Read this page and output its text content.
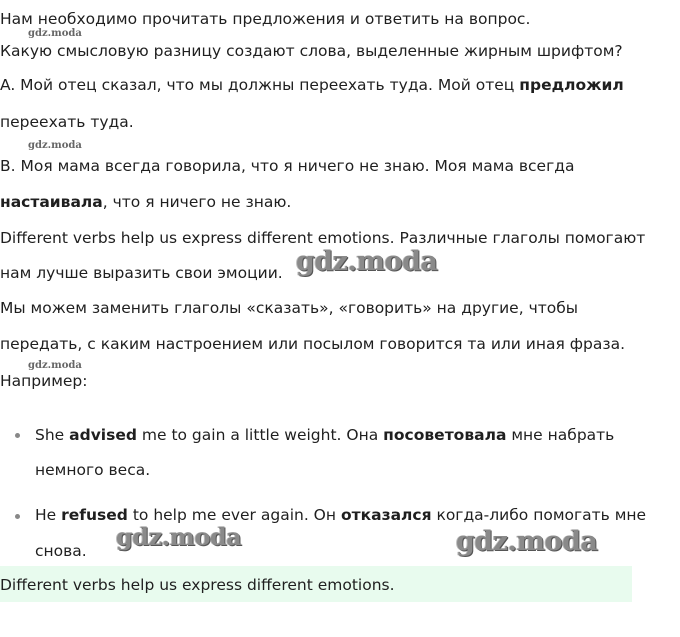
Нам необходимо прочитать предложения и ответить на вопрос.
Какую смысловую разницу создают слова, выделенные жирным шрифтом?
A. Мой отец сказал, что мы должны переехать туда. Мой отец предложил
переехать туда.
B. Моя мама всегда говорила, что я ничего не знаю. Моя мама всегда
настаивала, что я ничего не знаю.
Different verbs help us express different emotions. Различные глаголы помогают
нам лучше выразить свои эмоции.
Мы можем заменить глаголы «сказать», «говорить» на другие, чтобы
передать, с каким настроением или посылом говорится та или иная фраза.
Например:
She advised me to gain a little weight. Она посоветовала мне набрать
немного веса.
He refused to help me ever again. Он отказался когда-либо помогать мне
снова.
Different verbs help us express different emotions.
gdz.moda
gdz.moda
gdz.moda
gdz.moda
gdz.moda	gdz.moda
